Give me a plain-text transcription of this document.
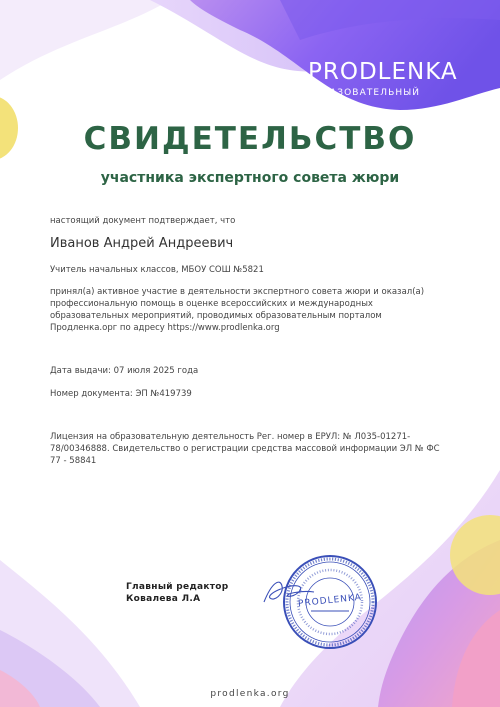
PRODLENKA
ОБРАЗОВАТЕЛЬНЫЙ ПОРТАЛ
СВИДЕТЕЛЬСТВО
участника экспертного совета жюри

настоящий документ подтверждает, что

Иванов Андрей Андреевич

Учитель начальных классов, МБОУ СОШ №5821

принял(а) активное участие в деятельности экспертного совета жюри и оказал(а) профессиональную помощь в оценке всероссийских и международных образовательных мероприятий, проводимых образовательным порталом Продленка.орг по адресу https://www.prodlenka.org

Дата выдачи: 07 июля 2025 года

Номер документа: ЭП №419739

Лицензия на образовательную деятельность Рег. номер в ЕРУЛ: № Л035-01271-78/00346888. Свидетельство о регистрации средства массовой информации ЭЛ № ФС 77 - 58841

Главный редактор
Ковалева Л.А	PRODLENKA
prodlenka.org
